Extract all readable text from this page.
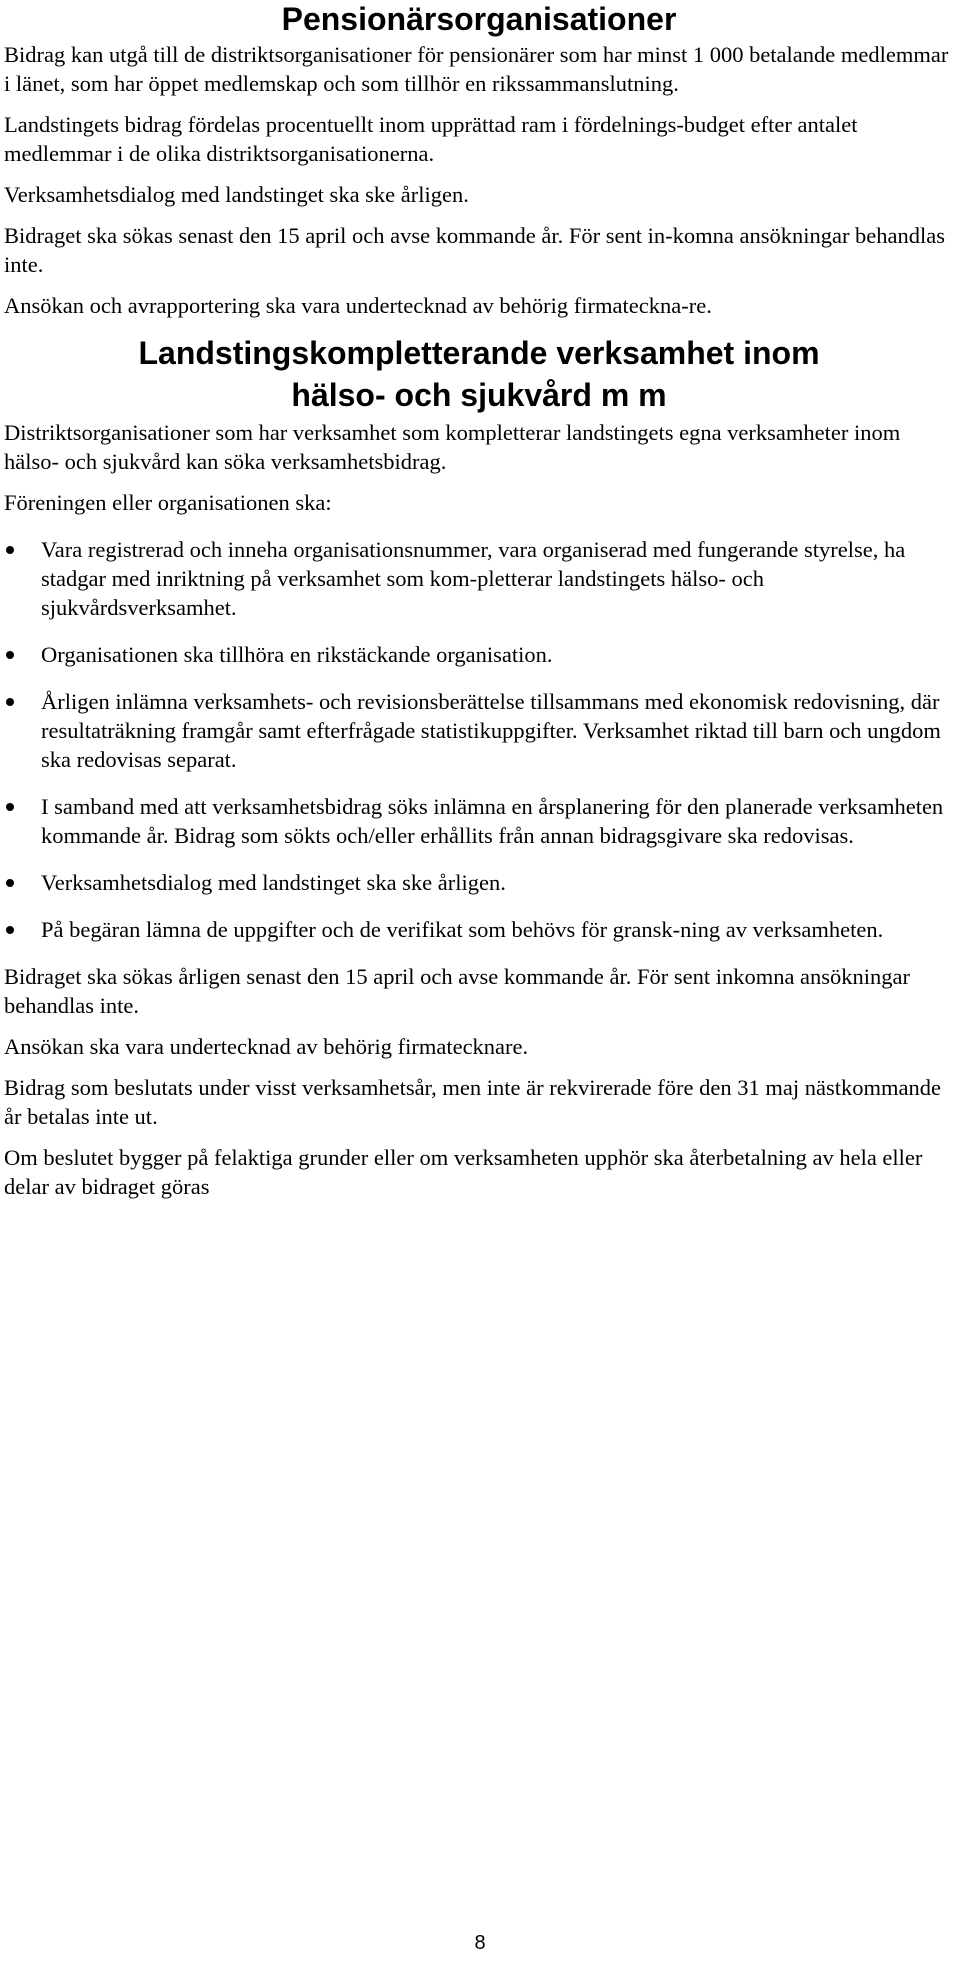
Pensionärsorganisationer

Bidrag kan utgå till de distriktsorganisationer för pensionärer som har minst 1 000 betalande medlemmar i länet, som har öppet medlemskap och som tillhör en rikssammanslutning.

Landstingets bidrag fördelas procentuellt inom upprättad ram i fördelnings-budget efter antalet medlemmar i de olika distriktsorganisationerna.

Verksamhetsdialog med landstinget ska ske årligen.

Bidraget ska sökas senast den 15 april och avse kommande år. För sent in-komna ansökningar behandlas inte.

Ansökan och avrapportering ska vara undertecknad av behörig firmateckna-re.

Landstingskompletterande verksamhet inom
hälso- och sjukvård m m

Distriktsorganisationer som har verksamhet som kompletterar landstingets egna verksamheter inom hälso- och sjukvård kan söka verksamhetsbidrag.

Föreningen eller organisationen ska:

Vara registrerad och inneha organisationsnummer, vara organiserad med fungerande styrelse, ha stadgar med inriktning på verksamhet som kom-pletterar landstingets hälso- och sjukvårdsverksamhet.
Organisationen ska tillhöra en rikstäckande organisation.
Årligen inlämna verksamhets- och revisionsberättelse tillsammans med ekonomisk redovisning, där resultaträkning framgår samt efterfrågade statistikuppgifter. Verksamhet riktad till barn och ungdom ska redovisas separat.
I samband med att verksamhetsbidrag söks inlämna en årsplanering för den planerade verksamheten kommande år. Bidrag som sökts och/eller erhållits från annan bidragsgivare ska redovisas.
Verksamhetsdialog med landstinget ska ske årligen.
På begäran lämna de uppgifter och de verifikat som behövs för gransk-ning av verksamheten.

Bidraget ska sökas årligen senast den 15 april och avse kommande år. För sent inkomna ansökningar behandlas inte.

Ansökan ska vara undertecknad av behörig firmatecknare.

Bidrag som beslutats under visst verksamhetsår, men inte är rekvirerade före den 31 maj nästkommande år betalas inte ut.

Om beslutet bygger på felaktiga grunder eller om verksamheten upphör ska återbetalning av hela eller delar av bidraget göras

8
